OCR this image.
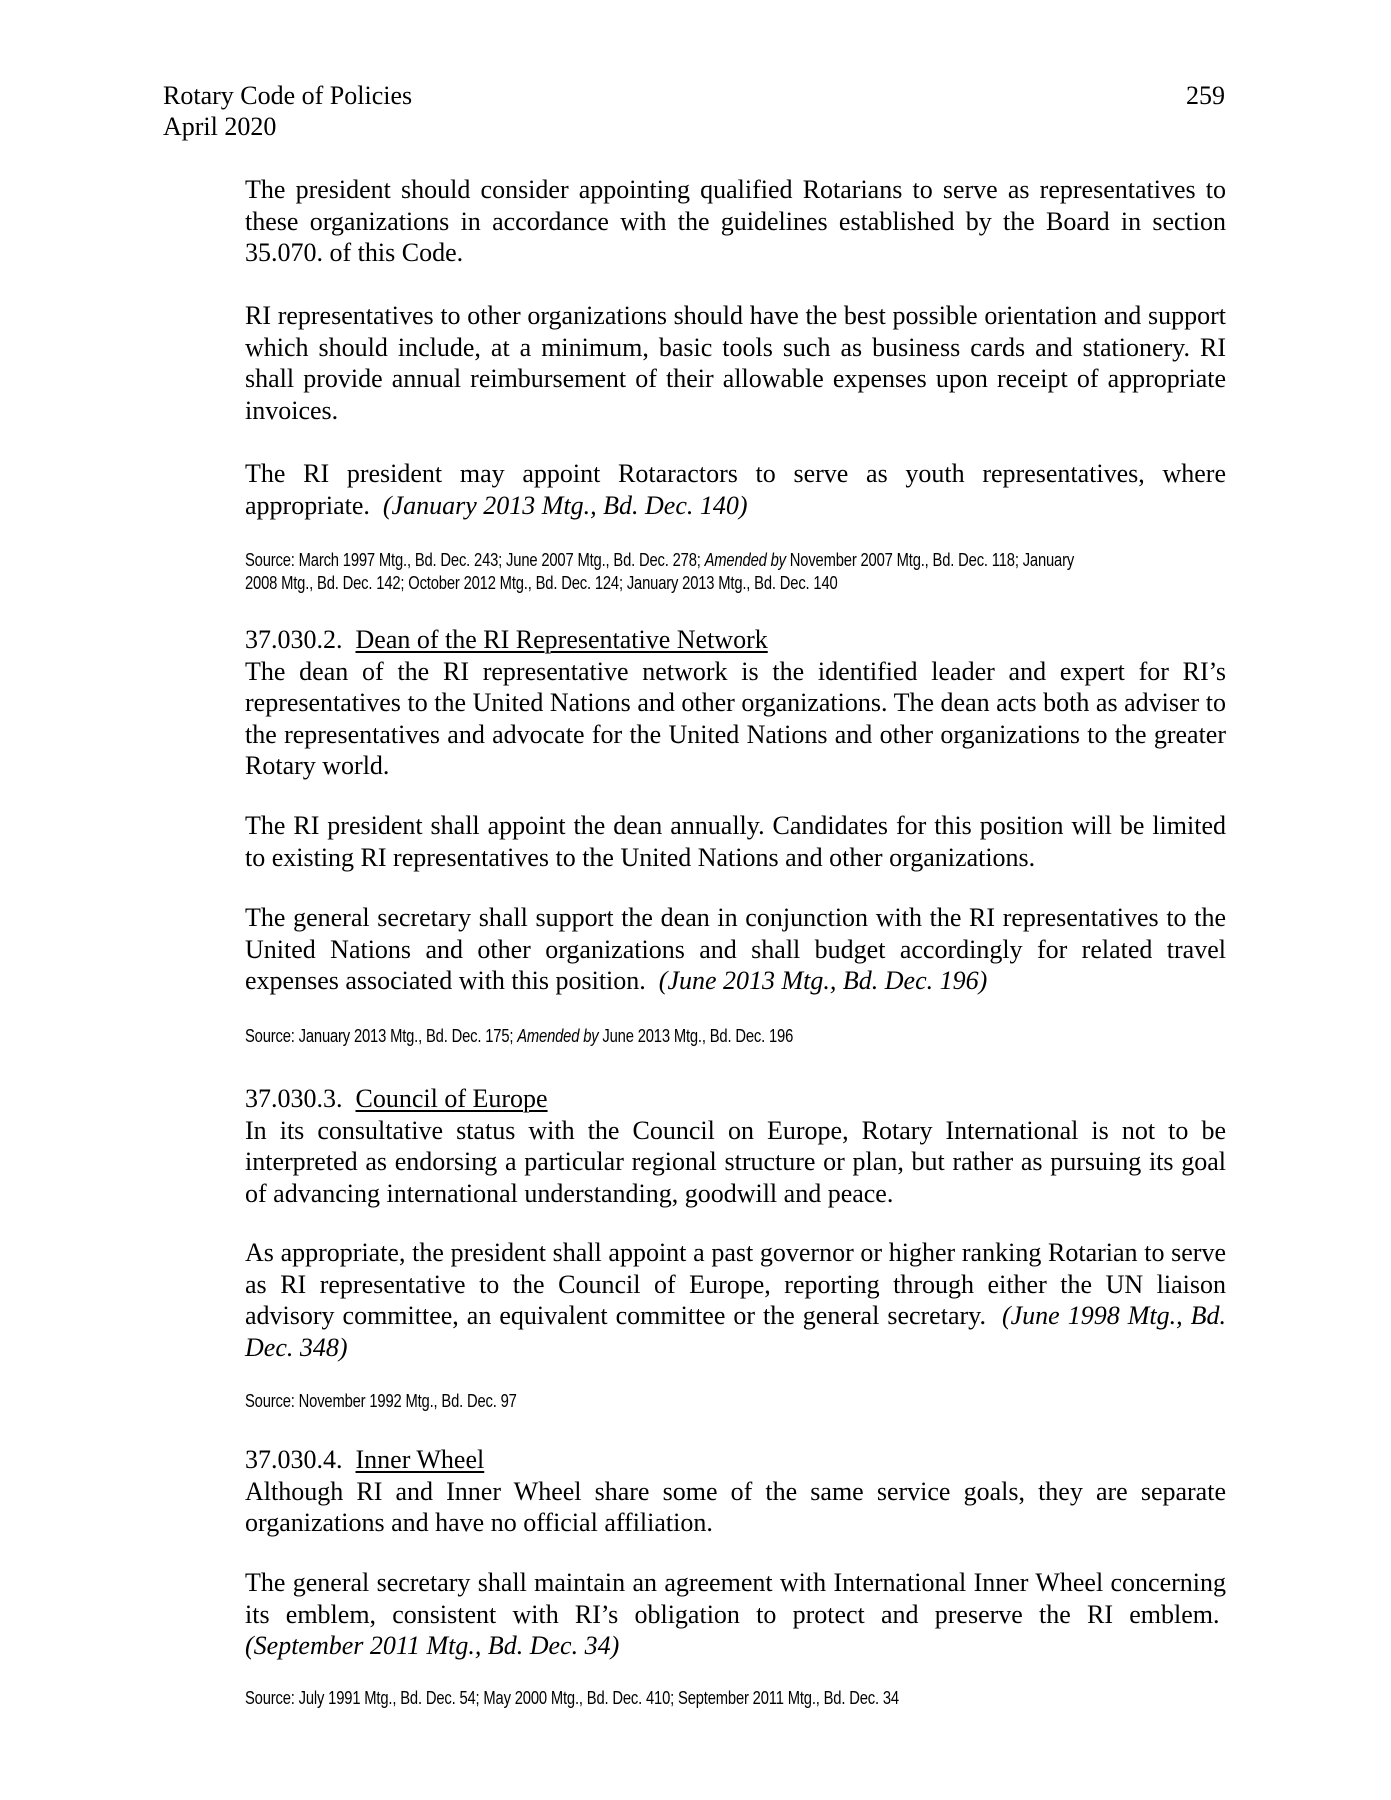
Rotary Code of Policies
April 2020
259

The president should consider appointing qualified Rotarians to serve as representatives to these organizations in accordance with the guidelines established by the Board in section 35.070. of this Code.

RI representatives to other organizations should have the best possible orientation and support which should include, at a minimum, basic tools such as business cards and stationery. RI shall provide annual reimbursement of their allowable expenses upon receipt of appropriate invoices.

The RI president may appoint Rotaractors to serve as youth representatives, where appropriate. (January 2013 Mtg., Bd. Dec. 140)

Source: March 1997 Mtg., Bd. Dec. 243; June 2007 Mtg., Bd. Dec. 278; Amended by November 2007 Mtg., Bd. Dec. 118; January
2008 Mtg., Bd. Dec. 142; October 2012 Mtg., Bd. Dec. 124; January 2013 Mtg., Bd. Dec. 140
37.030.2. Dean of the RI Representative Network

The dean of the RI representative network is the identified leader and expert for RI’s representatives to the United Nations and other organizations. The dean acts both as adviser to the representatives and advocate for the United Nations and other organizations to the greater Rotary world.

The RI president shall appoint the dean annually. Candidates for this position will be limited to existing RI representatives to the United Nations and other organizations.

The general secretary shall support the dean in conjunction with the RI representatives to the United Nations and other organizations and shall budget accordingly for related travel expenses associated with this position. (June 2013 Mtg., Bd. Dec. 196)

Source: January 2013 Mtg., Bd. Dec. 175; Amended by June 2013 Mtg., Bd. Dec. 196
37.030.3. Council of Europe

In its consultative status with the Council on Europe, Rotary International is not to be interpreted as endorsing a particular regional structure or plan, but rather as pursuing its goal of advancing international understanding, goodwill and peace.

As appropriate, the president shall appoint a past governor or higher ranking Rotarian to serve as RI representative to the Council of Europe, reporting through either the UN liaison advisory committee, an equivalent committee or the general secretary. (June 1998 Mtg., Bd. Dec. 348)

Source: November 1992 Mtg., Bd. Dec. 97
37.030.4. Inner Wheel

Although RI and Inner Wheel share some of the same service goals, they are separate organizations and have no official affiliation.

The general secretary shall maintain an agreement with International Inner Wheel concerning its emblem, consistent with RI’s obligation to protect and preserve the RI emblem.  (September 2011 Mtg., Bd. Dec. 34)

Source: July 1991 Mtg., Bd. Dec. 54; May 2000 Mtg., Bd. Dec. 410; September 2011 Mtg., Bd. Dec. 34
